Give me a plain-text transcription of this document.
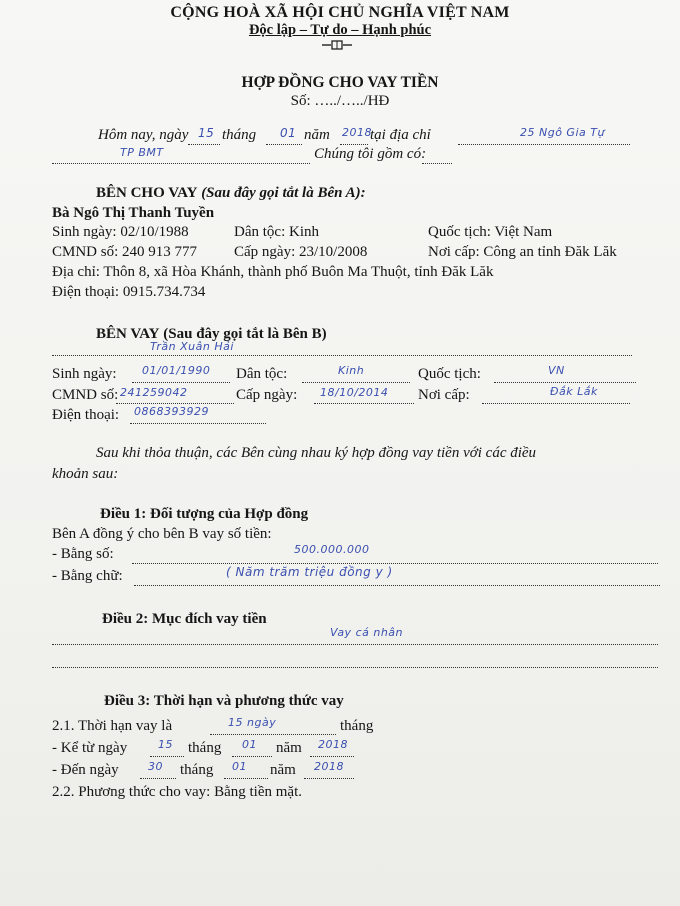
CỘNG HOÀ XÃ HỘI CHỦ NGHĨA VIỆT NAM
Độc lập – Tự do – Hạnh phúc
HỢP ĐỒNG CHO VAY TIỀN
Số: …../…../HĐ
Hôm nay, ngày 15 tháng 01 năm 2018
tại địa chỉ	25 Ngô Gia Tự
TP BMT	Chúng tôi gồm có:
BÊN CHO VAY (Sau đây gọi tắt là Bên A):
Bà Ngô Thị Thanh Tuyền
Sinh ngày: 02/10/1988	Dân tộc: Kinh	Quốc tịch: Việt Nam
CMND số: 240 913 777 Cấp ngày: 23/10/2008	Nơi cấp: Công an tỉnh Đăk Lăk
Địa chỉ: Thôn 8, xã Hòa Khánh, thành phố Buôn Ma Thuột, tỉnh Đăk Lăk
Điện thoại: 0915.734.734
BÊN VAY (Sau đây gọi tắt là Bên B)
Trần Xuân Hải
Sinh ngày: 01/01/1990 Dân tộc:	Kinh	Quốc tịch:	VN
CMND số: 241259042	Cấp ngày: 18/10/2014 Nơi cấp:	Đắk Lắk
Điện thoại: 0868393929
Sau khi thỏa thuận, các Bên cùng nhau ký hợp đồng vay tiền với các điều
khoản sau:
Điều 1: Đối tượng của Hợp đồng
Bên A đồng ý cho bên B vay số tiền:
- Bằng số:	500.000.000
- Bằng chữ:	( Năm trăm triệu đồng y )
Điều 2: Mục đích vay tiền
Vay cá nhân
Điều 3: Thời hạn và phương thức vay
2.1. Thời hạn vay là	15 ngày	tháng
- Kể từ ngày	15 tháng 01 năm 2018
- Đến ngày	30 tháng 01 năm 2018
2.2. Phương thức cho vay: Bằng tiền mặt.
